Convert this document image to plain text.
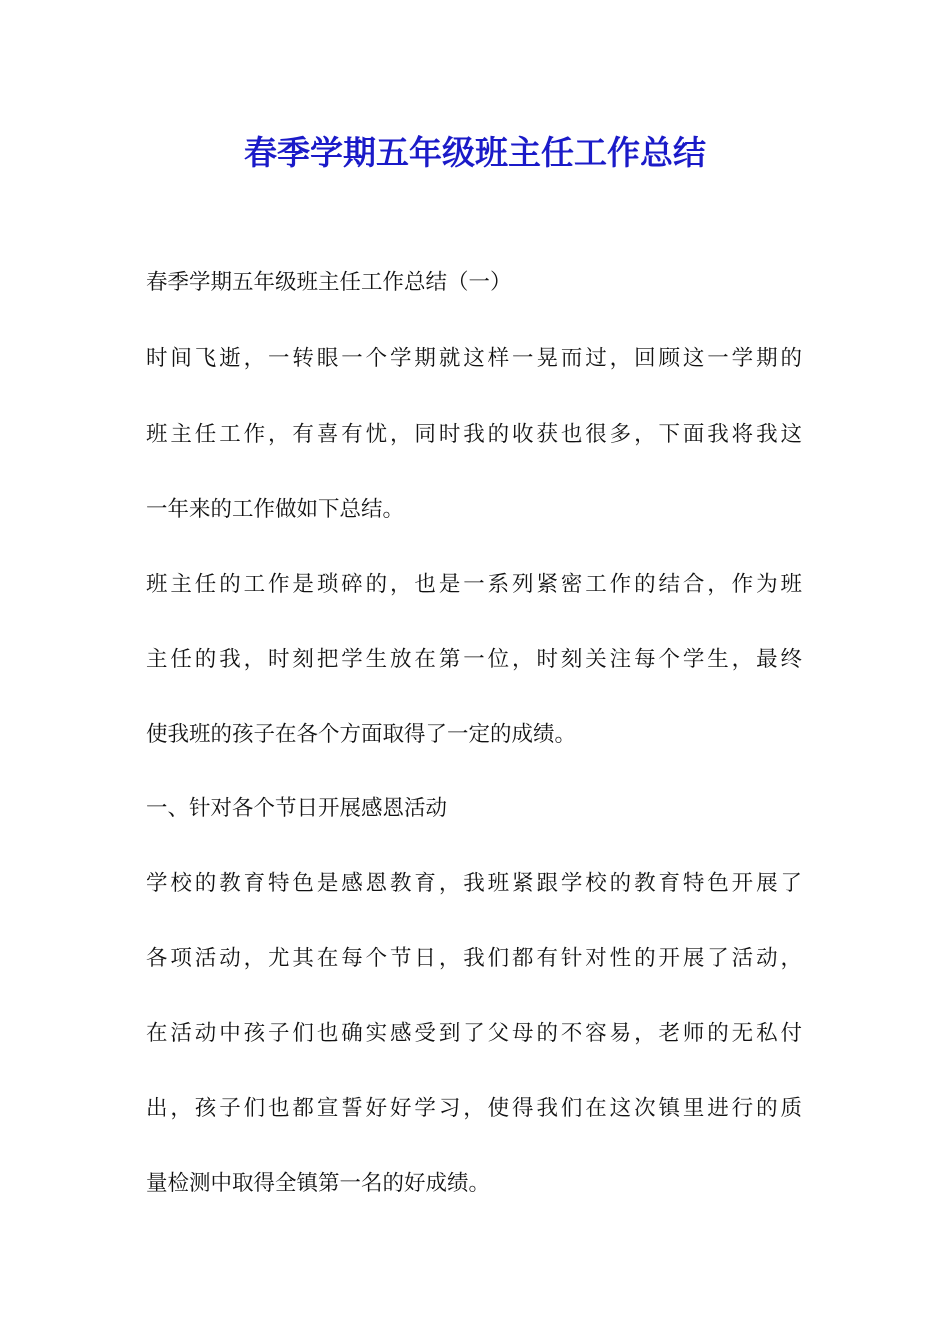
春季学期五年级班主任工作总结
春季学期五年级班主任工作总结（一）
时间飞逝，一转眼一个学期就这样一晃而过，回顾这一学期的
班主任工作，有喜有忧，同时我的收获也很多，下面我将我这
一年来的工作做如下总结。
班主任的工作是琐碎的，也是一系列紧密工作的结合，作为班
主任的我，时刻把学生放在第一位，时刻关注每个学生，最终
使我班的孩子在各个方面取得了一定的成绩。
一、针对各个节日开展感恩活动
学校的教育特色是感恩教育，我班紧跟学校的教育特色开展了
各项活动，尤其在每个节日，我们都有针对性的开展了活动，
在活动中孩子们也确实感受到了父母的不容易，老师的无私付
出，孩子们也都宣誓好好学习，使得我们在这次镇里进行的质
量检测中取得全镇第一名的好成绩。
